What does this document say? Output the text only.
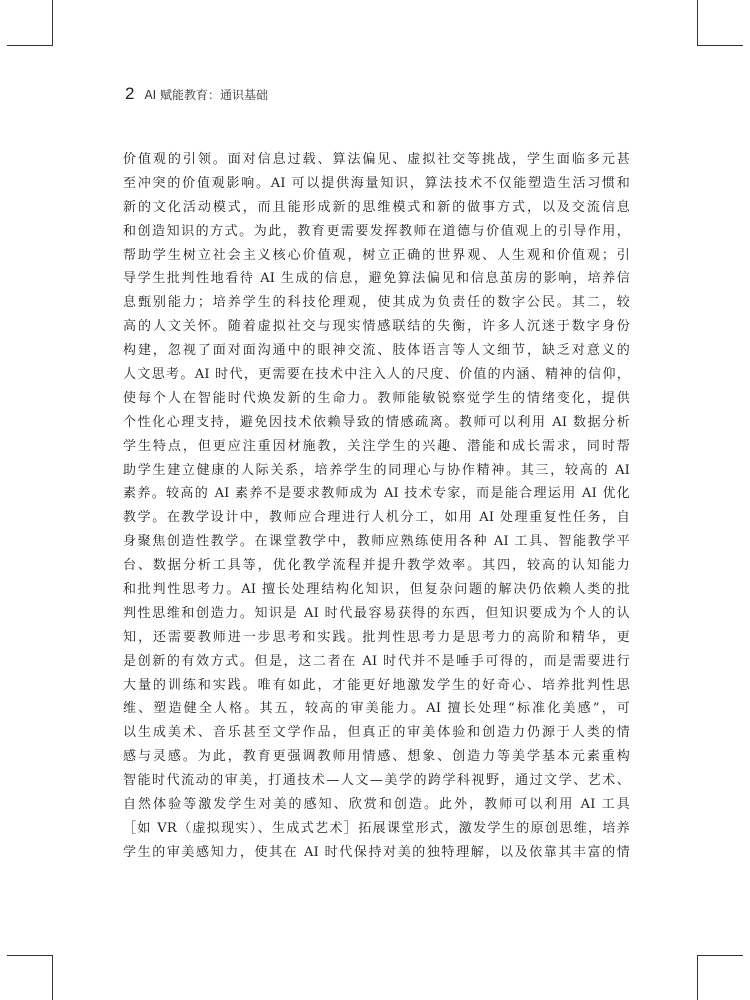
2 AI 赋能教育：通识基础
价值观的引领。面对信息过载、算法偏见、虚拟社交等挑战，学生面临多元甚
至冲突的价值观影响。AI 可以提供海量知识，算法技术不仅能塑造生活习惯和
新的文化活动模式，而且能形成新的思维模式和新的做事方式，以及交流信息
和创造知识的方式。为此，教育更需要发挥教师在道德与价值观上的引导作用，
帮助学生树立社会主义核心价值观，树立正确的世界观、人生观和价值观；引
导学生批判性地看待 AI 生成的信息，避免算法偏见和信息茧房的影响，培养信
息甄别能力；培养学生的科技伦理观，使其成为负责任的数字公民。其二，较
高的人文关怀。随着虚拟社交与现实情感联结的失衡，许多人沉迷于数字身份
构建，忽视了面对面沟通中的眼神交流、肢体语言等人文细节，缺乏对意义的
人文思考。AI 时代，更需要在技术中注入人的尺度、价值的内涵、精神的信仰，
使每个人在智能时代焕发新的生命力。教师能敏锐察觉学生的情绪变化，提供
个性化心理支持，避免因技术依赖导致的情感疏离。教师可以利用 AI 数据分析
学生特点，但更应注重因材施教，关注学生的兴趣、潜能和成长需求，同时帮
助学生建立健康的人际关系，培养学生的同理心与协作精神。其三，较高的 AI
素养。较高的 AI 素养不是要求教师成为 AI 技术专家，而是能合理运用 AI 优化
教学。在教学设计中，教师应合理进行人机分工，如用 AI 处理重复性任务，自
身聚焦创造性教学。在课堂教学中，教师应熟练使用各种 AI 工具、智能教学平
台、数据分析工具等，优化教学流程并提升教学效率。其四，较高的认知能力
和批判性思考力。AI 擅长处理结构化知识，但复杂问题的解决仍依赖人类的批
判性思维和创造力。知识是 AI 时代最容易获得的东西，但知识要成为个人的认
知，还需要教师进一步思考和实践。批判性思考力是思考力的高阶和精华，更
是创新的有效方式。但是，这二者在 AI 时代并不是唾手可得的，而是需要进行
大量的训练和实践。唯有如此，才能更好地激发学生的好奇心、培养批判性思
维、塑造健全人格。其五，较高的审美能力。AI 擅长处理“标准化美感”，可
以生成美术、音乐甚至文学作品，但真正的审美体验和创造力仍源于人类的情
感与灵感。为此，教育更强调教师用情感、想象、创造力等美学基本元素重构
智能时代流动的审美，打通技术—人文—美学的跨学科视野，通过文学、艺术、
自然体验等激发学生对美的感知、欣赏和创造。此外，教师可以利用 AI 工具
［如 VR（虚拟现实）、生成式艺术］拓展课堂形式，激发学生的原创思维，培养
学生的审美感知力，使其在 AI 时代保持对美的独特理解，以及依靠其丰富的情
